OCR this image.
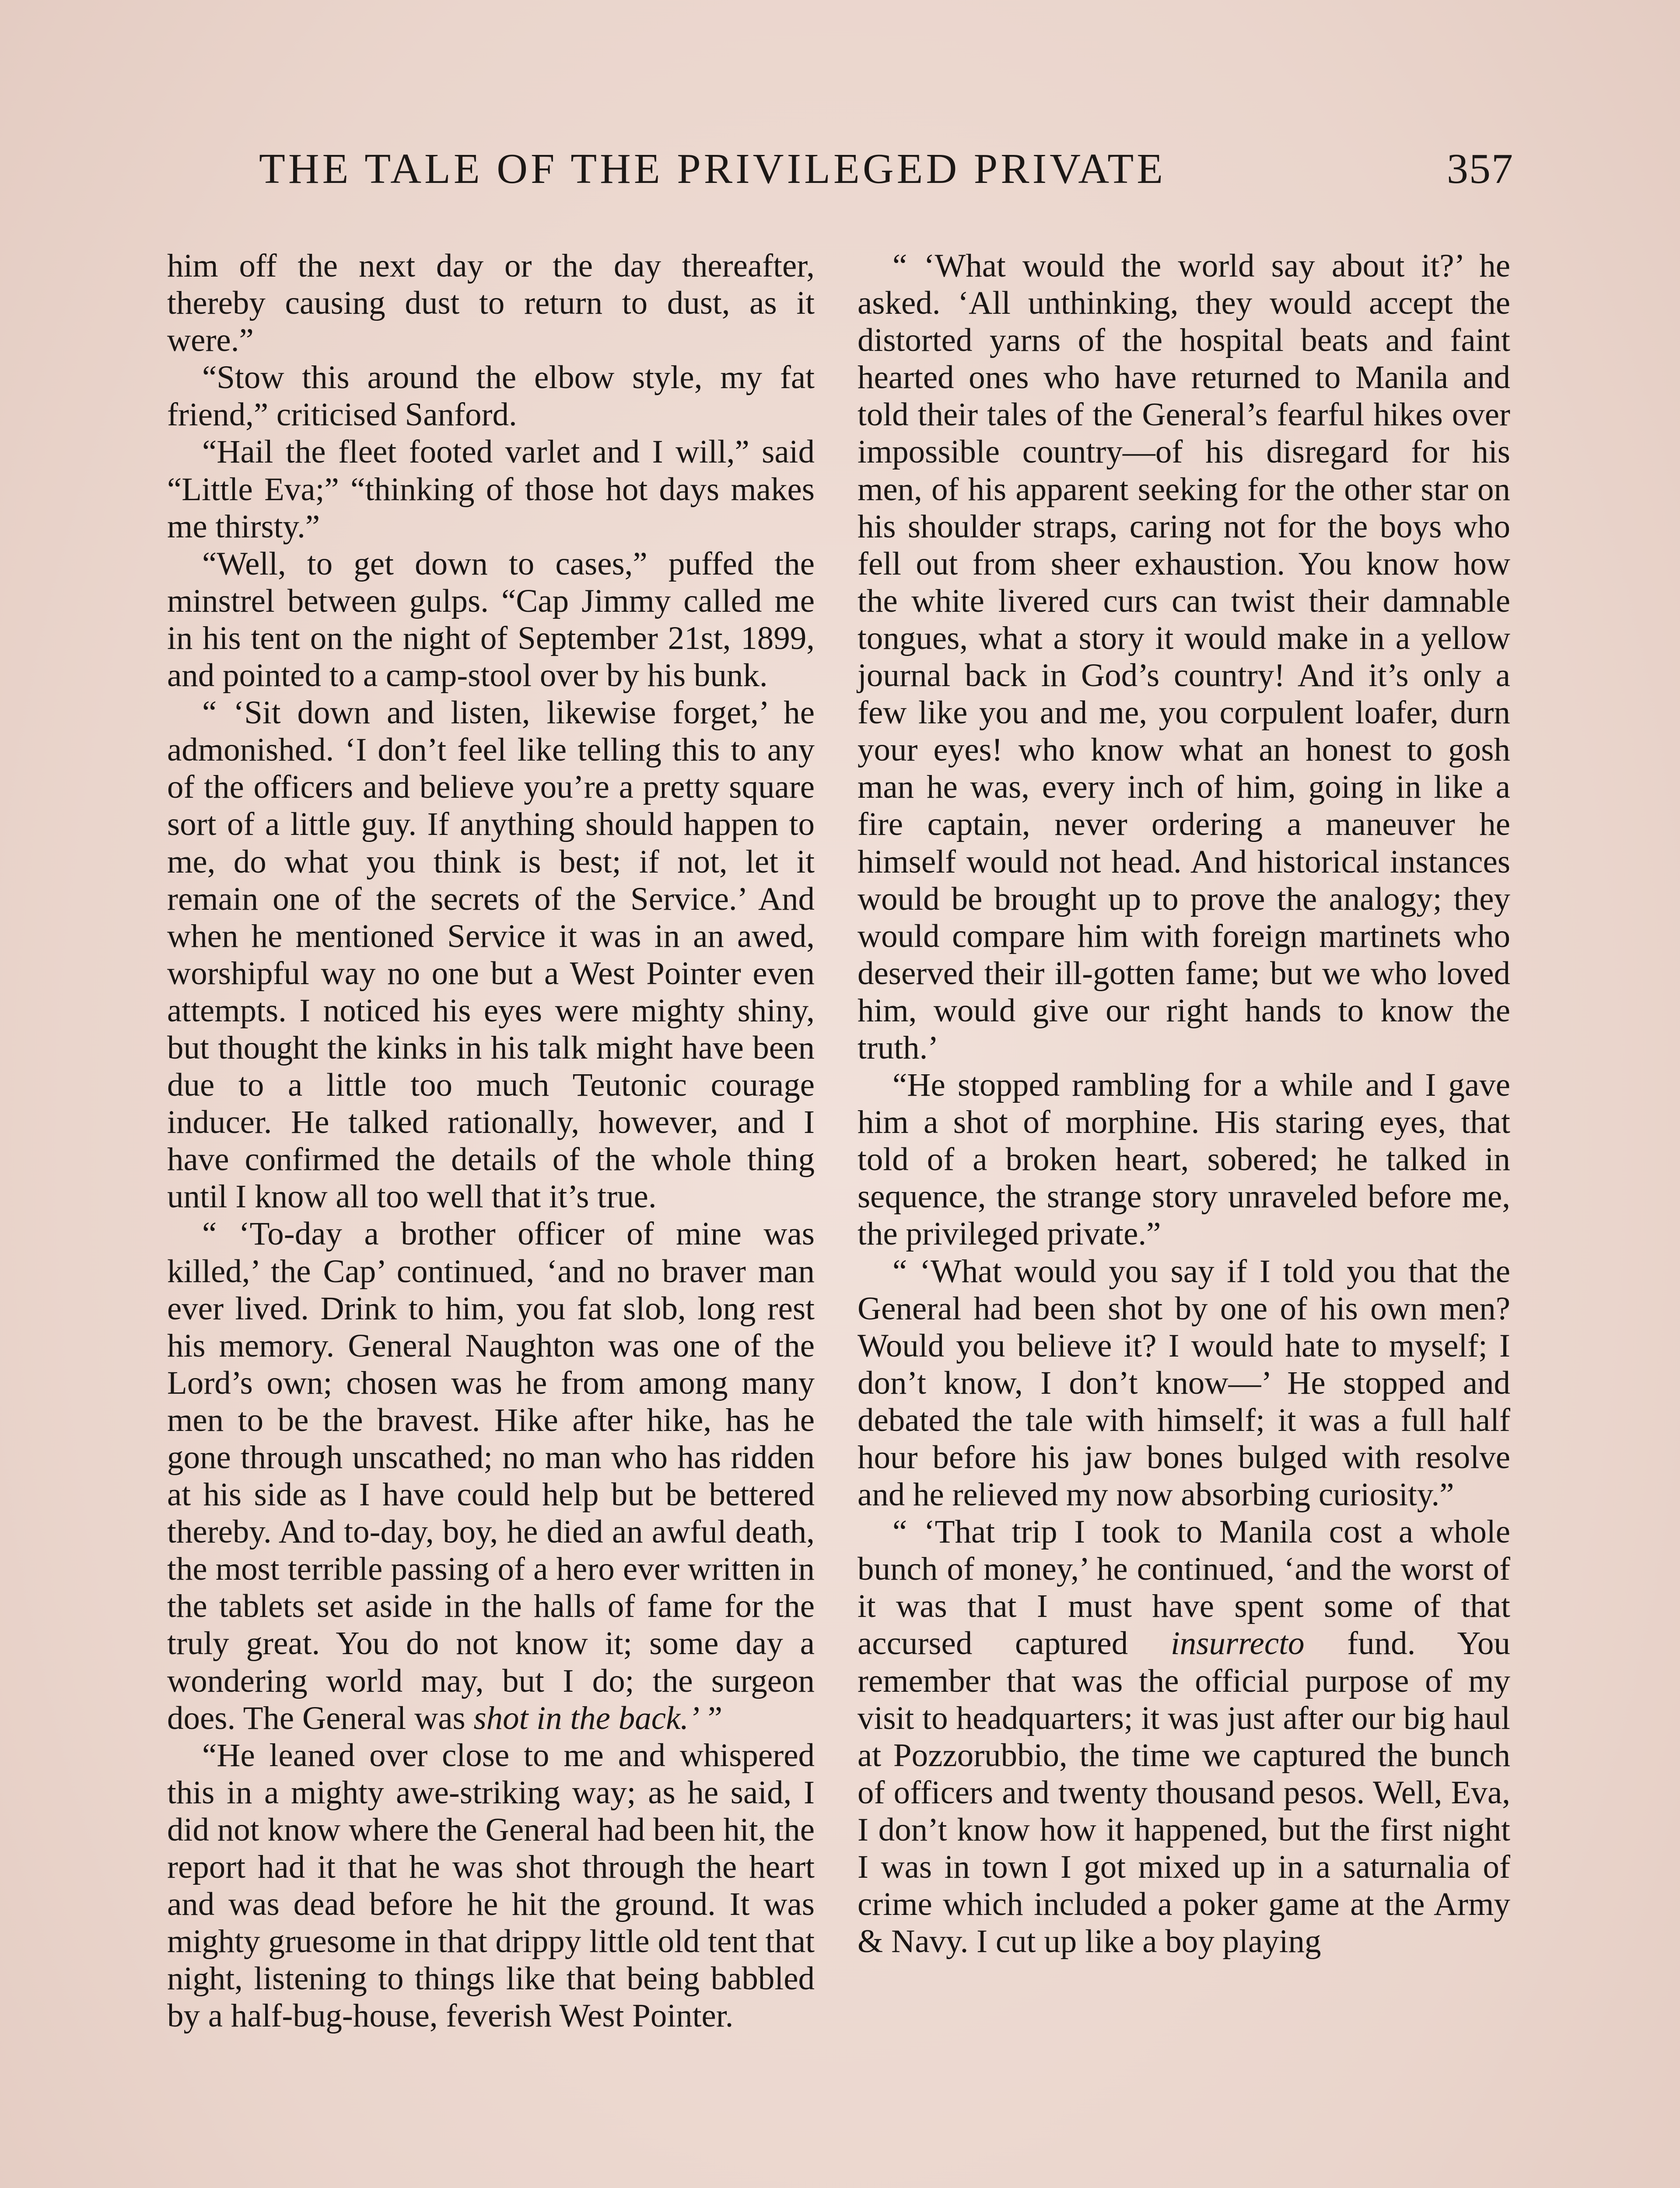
THE TALE OF THE PRIVILEGED PRIVATE	357

him off the next day or the day thereafter, thereby causing dust to return to dust, as it were.”

“Stow this around the elbow style, my fat friend,” criticised Sanford.

“Hail the fleet footed varlet and I will,” said “Little Eva;” “thinking of those hot days makes me thirsty.”

“Well, to get down to cases,” puffed the minstrel between gulps. “Cap Jimmy called me in his tent on the night of September 21st, 1899, and pointed to a camp-stool over by his bunk.

“ ‘Sit down and listen, likewise forget,’ he admonished. ‘I don’t feel like telling this to any of the officers and believe you’re a pretty square sort of a little guy. If anything should happen to me, do what you think is best; if not, let it remain one of the secrets of the Service.’ And when he mentioned Service it was in an awed, worshipful way no one but a West Pointer even attempts. I noticed his eyes were mighty shiny, but thought the kinks in his talk might have been due to a little too much Teutonic courage inducer. He talked rationally, however, and I have confirmed the details of the whole thing until I know all too well that it’s true.

“ ‘To-day a brother officer of mine was killed,’ the Cap’ continued, ‘and no braver man ever lived. Drink to him, you fat slob, long rest his memory. General Naughton was one of the Lord’s own; chosen was he from among many men to be the bravest. Hike after hike, has he gone through unscathed; no man who has ridden at his side as I have could help but be bettered thereby. And to-day, boy, he died an awful death, the most terrible passing of a hero ever written in the tablets set aside in the halls of fame for the truly great. You do not know it; some day a wondering world may, but I do; the surgeon does. The General was shot in the back.’ ”

“He leaned over close to me and whispered this in a mighty awe-striking way; as he said, I did not know where the General had been hit, the report had it that he was shot through the heart and was dead before he hit the ground. It was mighty gruesome in that drippy little old tent that night, listening to things like that being babbled by a half-bug-house, feverish West Pointer.

“ ‘What would the world say about it?’ he asked. ‘All unthinking, they would accept the distorted yarns of the hospital beats and faint hearted ones who have returned to Manila and told their tales of the General’s fearful hikes over impossible country—of his disregard for his men, of his apparent seeking for the other star on his shoulder straps, caring not for the boys who fell out from sheer exhaustion. You know how the white livered curs can twist their damnable tongues, what a story it would make in a yellow journal back in God’s country! And it’s only a few like you and me, you corpulent loafer, durn your eyes! who know what an honest to gosh man he was, every inch of him, going in like a fire captain, never ordering a maneuver he himself would not head. And historical instances would be brought up to prove the analogy; they would compare him with foreign martinets who deserved their ill-gotten fame; but we who loved him, would give our right hands to know the truth.’

“He stopped rambling for a while and I gave him a shot of morphine. His staring eyes, that told of a broken heart, sobered; he talked in sequence, the strange story unraveled before me, the privileged private.”

“ ‘What would you say if I told you that the General had been shot by one of his own men? Would you believe it? I would hate to myself; I don’t know, I don’t know—’ He stopped and debated the tale with himself; it was a full half hour before his jaw bones bulged with resolve and he relieved my now absorbing curiosity.”

“ ‘That trip I took to Manila cost a whole bunch of money,’ he continued, ‘and the worst of it was that I must have spent some of that accursed captured insurrecto fund. You remember that was the official purpose of my visit to headquarters; it was just after our big haul at Pozzorubbio, the time we captured the bunch of officers and twenty thousand pesos. Well, Eva, I don’t know how it happened, but the first night I was in town I got mixed up in a saturnalia of crime which included a poker game at the Army & Navy. I cut up like a boy playing
